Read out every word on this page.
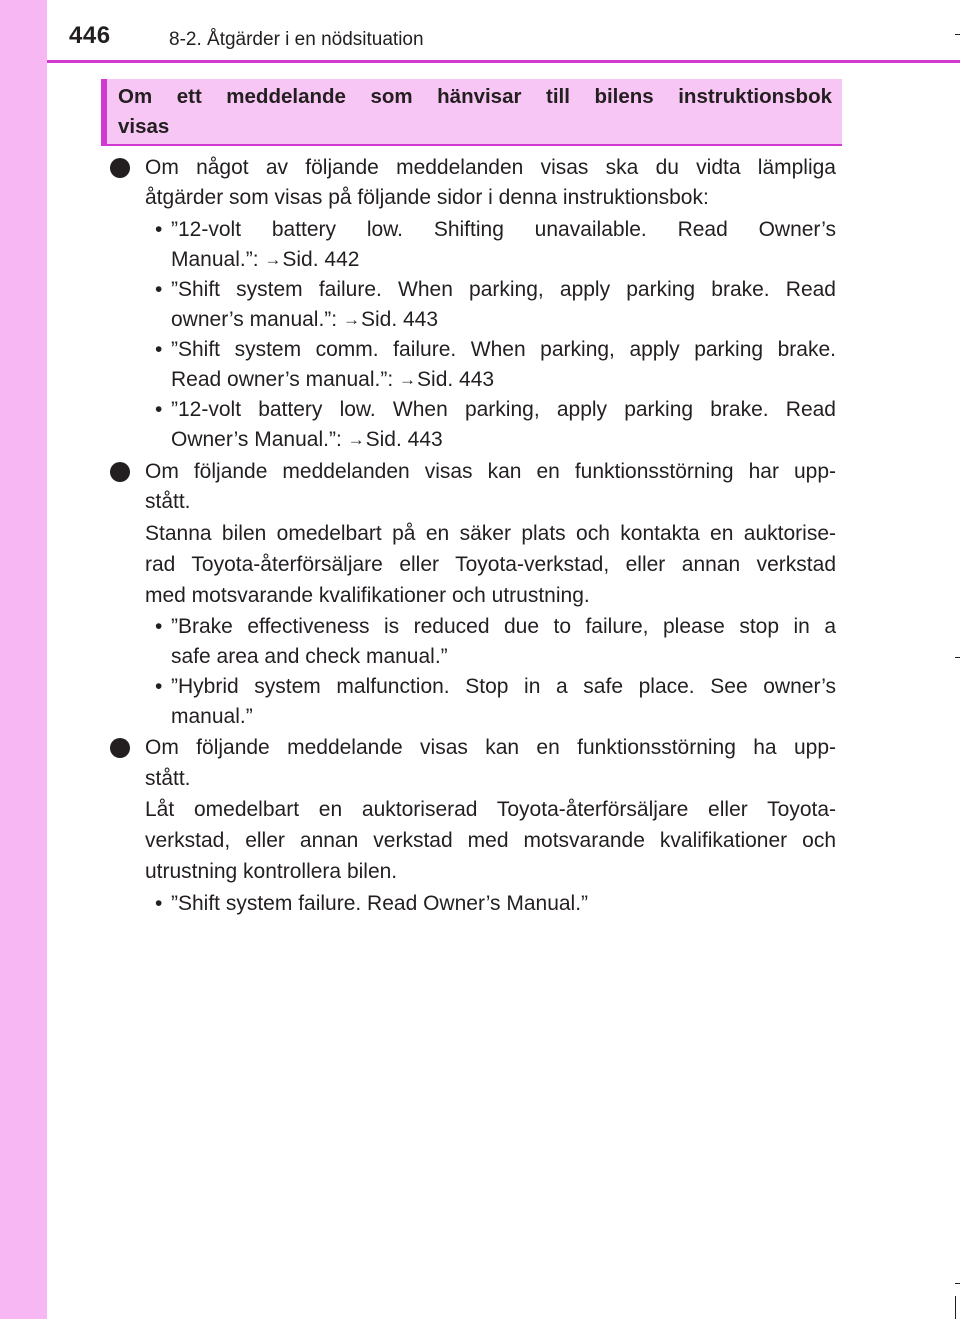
446	8-2. Åtgärder i en nödsituation
Om ett meddelande som hänvisar till bilens instruktionsbok
visas
Om något av följande meddelanden visas ska du vidta lämpliga
åtgärder som visas på följande sidor i denna instruktionsbok:
• ”12-volt battery low. Shifting unavailable. Read Owner’s
Manual.”: →Sid. 442
• ”Shift system failure. When parking, apply parking brake. Read
owner’s manual.”: →Sid. 443
• ”Shift system comm. failure. When parking, apply parking brake.
Read owner’s manual.”: →Sid. 443
• ”12-volt battery low. When parking, apply parking brake. Read
Owner’s Manual.”: →Sid. 443
Om följande meddelanden visas kan en funktionsstörning har upp-
stått.
Stanna bilen omedelbart på en säker plats och kontakta en auktorise-
rad Toyota-återförsäljare eller Toyota-verkstad, eller annan verkstad
med motsvarande kvalifikationer och utrustning.
• ”Brake effectiveness is reduced due to failure, please stop in a
safe area and check manual.”
• ”Hybrid system malfunction. Stop in a safe place. See owner’s
manual.”
Om följande meddelande visas kan en funktionsstörning ha upp-
stått.
Låt omedelbart en auktoriserad Toyota-återförsäljare eller Toyota-
verkstad, eller annan verkstad med motsvarande kvalifikationer och
utrustning kontrollera bilen.
• ”Shift system failure. Read Owner’s Manual.”
